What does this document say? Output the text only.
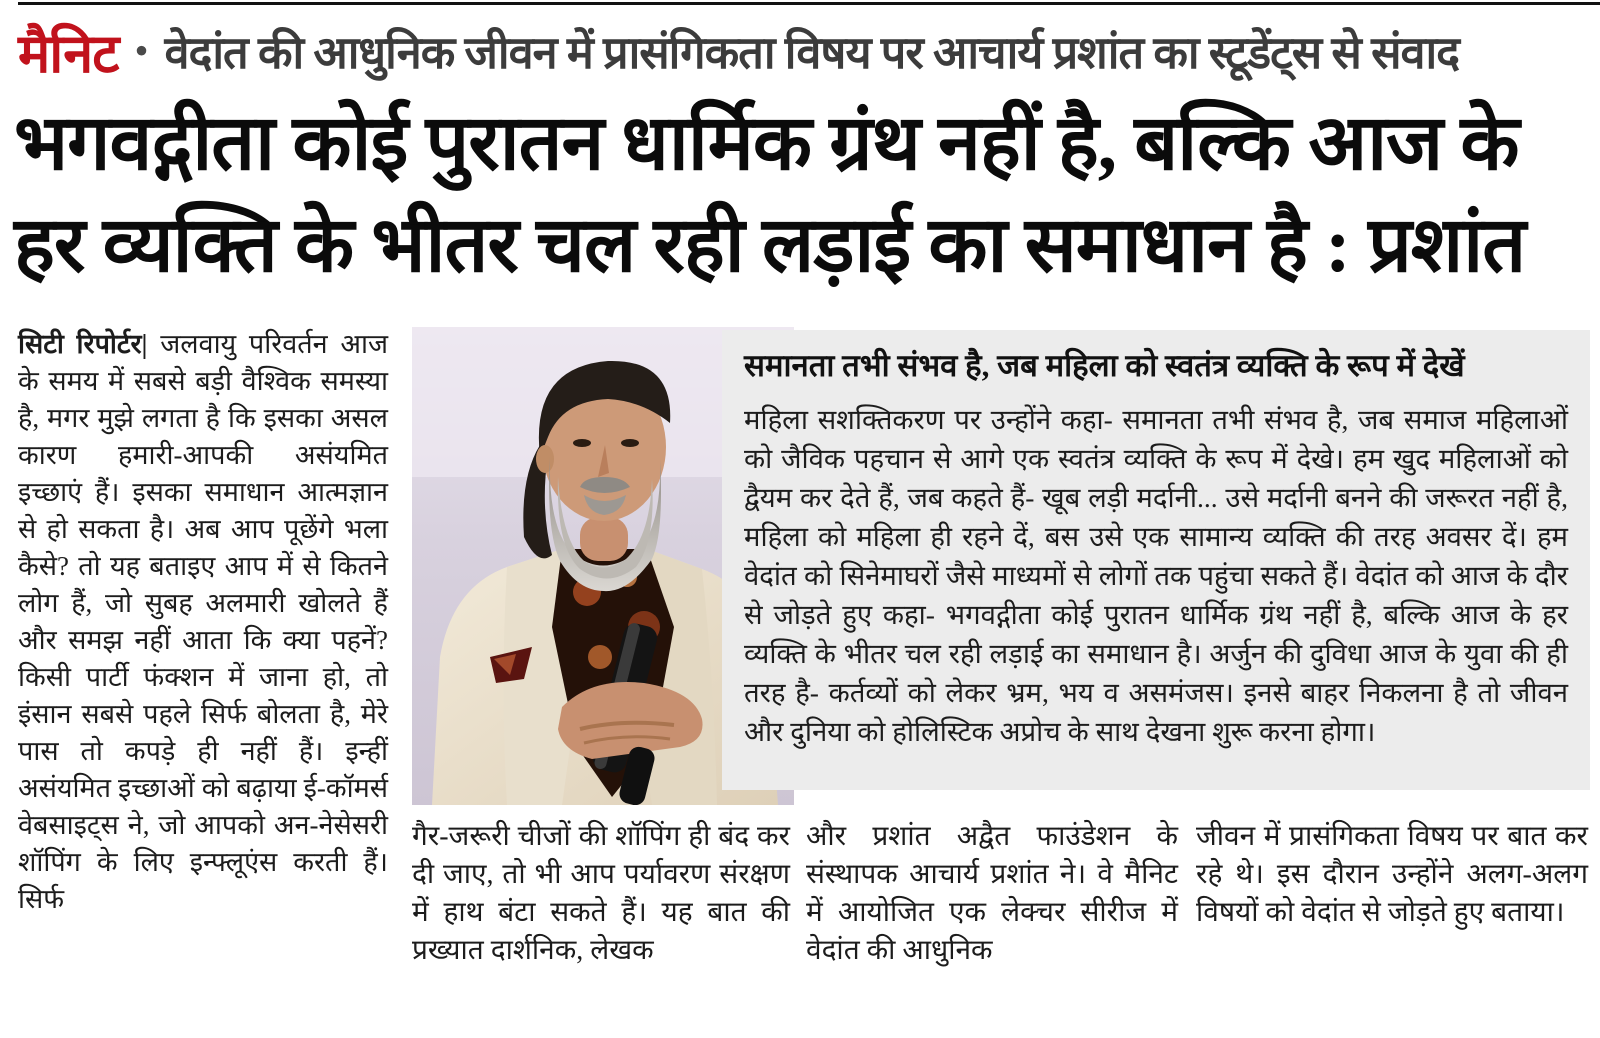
मैनिट • वेदांत की आधुनिक जीवन में प्रासंगिकता विषय पर आचार्य प्रशांत का स्टूडेंट्स से संवाद
भगवद्गीता कोई पुरातन धार्मिक ग्रंथ नहीं है, बल्कि आज के
हर व्यक्ति के भीतर चल रही लड़ाई का समाधान है : प्रशांत
सिटी रिपोर्टर| जलवायु परिवर्तन आज के समय में सबसे बड़ी वैश्विक समस्या है, मगर मुझे लगता है कि इसका असल कारण हमारी-आपकी असंयमित इच्छाएं हैं। इसका समाधान आत्मज्ञान से हो सकता है। अब आप पूछेंगे भला कैसे? तो यह बताइए आप में से कितने लोग हैं, जो सुबह अलमारी खोलते हैं और समझ नहीं आता कि क्या पहनें? किसी पार्टी फंक्शन में जाना हो, तो इंसान सबसे पहले सिर्फ बोलता है, मेरे पास तो कपड़े ही नहीं हैं। इन्हीं असंयमित इच्छाओं को बढ़ाया ई-कॉमर्स वेबसाइट्स ने, जो आपको अन-नेसेसरी शॉपिंग के लिए इन्फ्लूएंस करती हैं। सिर्फ

समानता तभी संभव है, जब महिला को स्वतंत्र व्यक्ति के रूप में देखें

महिला सशक्तिकरण पर उन्होंने कहा- समानता तभी संभव है, जब समाज महिलाओं को जैविक पहचान से आगे एक स्वतंत्र व्यक्ति के रूप में देखे। हम खुद महिलाओं को द्वैयम कर देते हैं, जब कहते हैं- खूब लड़ी मर्दानी... उसे मर्दानी बनने की जरूरत नहीं है, महिला को महिला ही रहने दें, बस उसे एक सामान्य व्यक्ति की तरह अवसर दें। हम वेदांत को सिनेमाघरों जैसे माध्यमों से लोगों तक पहुंचा सकते हैं। वेदांत को आज के दौर से जोड़ते हुए कहा- भगवद्गीता कोई पुरातन धार्मिक ग्रंथ नहीं है, बल्कि आज के हर व्यक्ति के भीतर चल रही लड़ाई का समाधान है। अर्जुन की दुविधा आज के युवा की ही तरह है- कर्तव्यों को लेकर भ्रम, भय व असमंजस। इनसे बाहर निकलना है तो जीवन और दुनिया को होलिस्टिक अप्रोच के साथ देखना शुरू करना होगा।

गैर-जरूरी चीजों की शॉपिंग ही बंद कर दी जाए, तो भी आप पर्यावरण संरक्षण में हाथ बंटा सकते हैं। यह बात की प्रख्यात दार्शनिक, लेखक
और प्रशांत अद्वैत फाउंडेशन के संस्थापक आचार्य प्रशांत ने। वे मैनिट में आयोजित एक लेक्चर सीरीज में वेदांत की आधुनिक
जीवन में प्रासंगिकता विषय पर बात कर रहे थे। इस दौरान उन्होंने अलग-अलग विषयों को वेदांत से जोड़ते हुए बताया।
